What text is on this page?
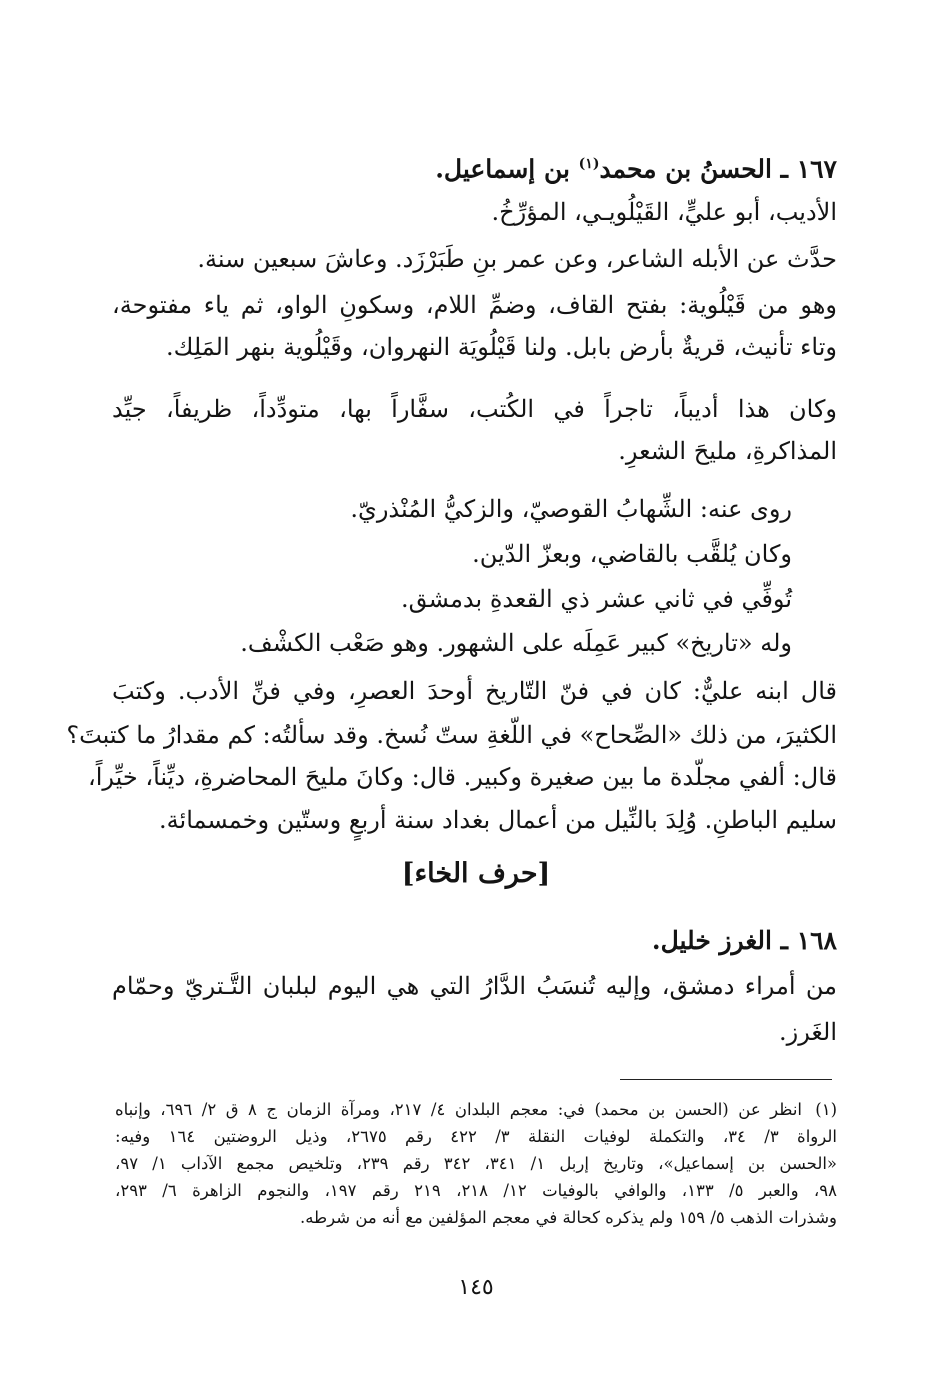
١٦٧ ـ الحسنُ بن محمد$^{(١)}$ بن إسماعيل.
الأديب، أبو عليٍّ، القَيْلُويـي، المؤرِّخُ.
حدَّث عن الأبله الشاعر، وعن عمر بنِ طَبَرْزَد. وعاشَ سبعين سنة.
وهو من قَيْلُوية: بفتح القاف، وضمِّ اللام، وسكونِ الواو، ثم ياء مفتوحة،
وتاء تأنيث، قريةٌ بأرض بابل. ولنا قَيْلُويَة النهروان، وقَيْلُوية بنهر المَلِك.
وكان هذا أديباً، تاجراً في الكُتب، سفَّاراً بها، متودِّداً، ظريفاً، جيِّد
المذاكرةِ، مليحَ الشعرِ.
روى عنه: الشِّهابُ القوصيّ، والزكيُّ المُنْذريّ.
وكان يُلقَّب بالقاضي، وبعزّ الدّين.
تُوفِّي في ثاني عشر ذي القعدةِ بدمشق.
وله «تاريخ» كبير عَمِلَه على الشهور. وهو صَعْب الكشْف.
قال ابنه عليٌّ: كان في فنّ التّاريخ أوحدَ العصرِ، وفي فنِّ الأدب. وكتبَ
الكثيرَ، من ذلك «الصِّحاح» في اللّغةِ ستّ نُسخ. وقد سألتُه: كم مقدارُ ما كتبتَ؟
قال: ألفي مجلّدة ما بين صغيرة وكبير. قال: وكانَ مليحَ المحاضرةِ، ديِّناً، خيِّراً،
سليم الباطنِ. وُلِدَ بالنِّيل من أعمال بغداد سنة أربعٍ وستّين وخمسمائة.
[حرف الخاء]
١٦٨ ـ الغرز خليل.
من أمراء دمشق، وإليه تُنسَبُ الدَّارُ التي هي اليوم لبلبان التَّـتريّ وحمّام
الغَرز.
(١)
انظر عن (الحسن بن محمد) في: معجم البلدان ٤/ ٢١٧، ومرآة الزمان ج ٨ ق ٢/ ٦٩٦، وإنباه
الرواة ٣/ ٣٤، والتكملة لوفيات النقلة ٣/ ٤٢٢ رقم ٢٦٧٥، وذيل الروضتين ١٦٤ وفيه:
«الحسن بن إسماعيل»، وتاريخ إربل ١/ ٣٤١، ٣٤٢ رقم ٢٣٩، وتلخيص مجمع الآداب ١/ ٩٧،
٩٨، والعبر ٥/ ١٣٣، والوافي بالوفيات ١٢/ ٢١٨، ٢١٩ رقم ١٩٧، والنجوم الزاهرة ٦/ ٢٩٣،
وشذرات الذهب ٥/ ١٥٩ ولم يذكره كحالة في معجم المؤلفين مع أنه من شرطه.
١٤٥
